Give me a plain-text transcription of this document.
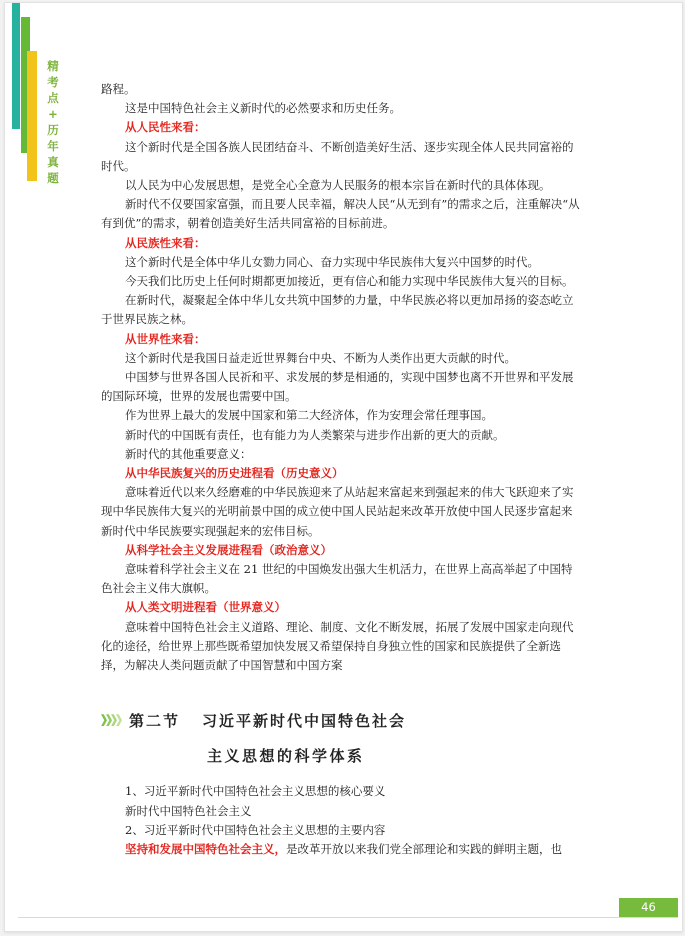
精
考
点
+
历
年
真
题

路程。

这是中国特色社会主义新时代的必然要求和历史任务。

从人民性来看：

这个新时代是全国各族人民团结奋斗、不断创造美好生活、逐步实现全体人民共同富裕的时代。

以人民为中心发展思想，是党全心全意为人民服务的根本宗旨在新时代的具体体现。

新时代不仅要国家富强，而且要人民幸福，解决人民“从无到有”的需求之后，注重解决“从有到优”的需求，朝着创造美好生活共同富裕的目标前进。

从民族性来看：

这个新时代是全体中华儿女勠力同心、奋力实现中华民族伟大复兴中国梦的时代。

今天我们比历史上任何时期都更加接近，更有信心和能力实现中华民族伟大复兴的目标。

在新时代，凝聚起全体中华儿女共筑中国梦的力量，中华民族必将以更加昂扬的姿态屹立于世界民族之林。

从世界性来看：

这个新时代是我国日益走近世界舞台中央、不断为人类作出更大贡献的时代。

中国梦与世界各国人民祈和平、求发展的梦是相通的，实现中国梦也离不开世界和平发展的国际环境，世界的发展也需要中国。

作为世界上最大的发展中国家和第二大经济体，作为安理会常任理事国。

新时代的中国既有责任，也有能力为人类繁荣与进步作出新的更大的贡献。

新时代的其他重要意义：

从中华民族复兴的历史进程看（历史意义）

意味着近代以来久经磨难的中华民族迎来了从站起来富起来到强起来的伟大飞跃迎来了实现中华民族伟大复兴的光明前景中国的成立使中国人民站起来改革开放使中国人民逐步富起来新时代中华民族要实现强起来的宏伟目标。

从科学社会主义发展进程看（政治意义）

意味着科学社会主义在 21 世纪的中国焕发出强大生机活力，在世界上高高举起了中国特色社会主义伟大旗帜。

从人类文明进程看（世界意义）

意味着中国特色社会主义道路、理论、制度、文化不断发展，拓展了发展中国家走向现代化的途径，给世界上那些既希望加快发展又希望保持自身独立性的国家和民族提供了全新选择，为解决人类问题贡献了中国智慧和中国方案

第二节 习近平新时代中国特色社会
主义思想的科学体系

1、习近平新时代中国特色社会主义思想的核心要义

新时代中国特色社会主义

2、习近平新时代中国特色社会主义思想的主要内容

坚持和发展中国特色社会主义，是改革开放以来我们党全部理论和实践的鲜明主题，也

46
